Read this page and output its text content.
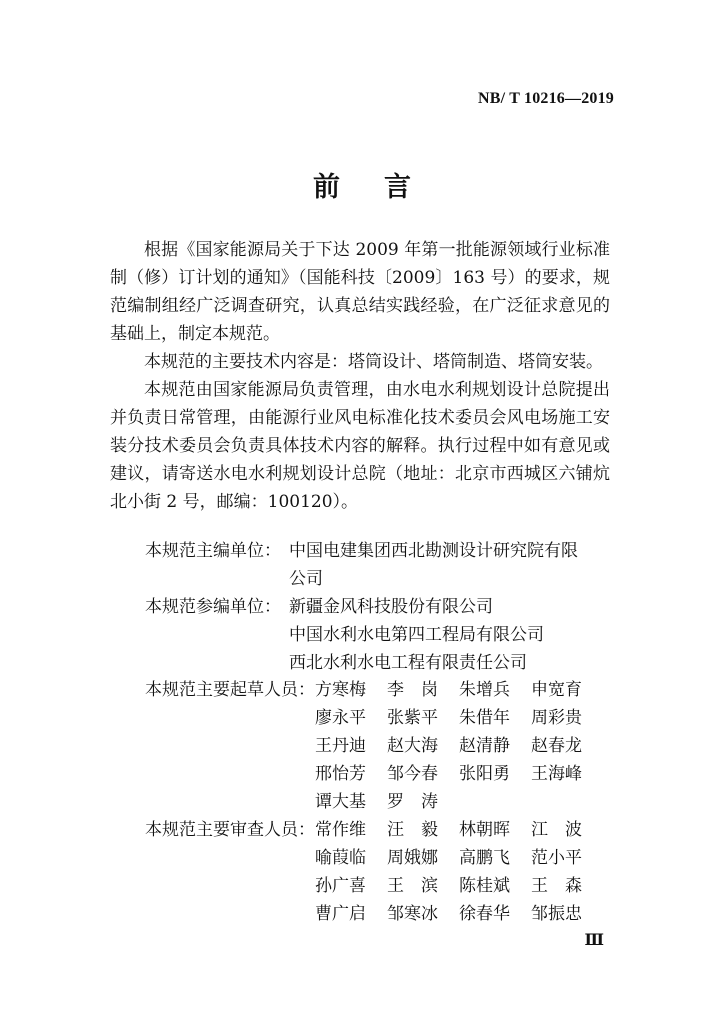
NB/ T 10216—2019
前言

根据《国家能源局关于下达 2009 年第一批能源领域行业标准制（修）订计划的通知》（国能科技〔2009〕163 号）的要求，规范编制组经广泛调查研究，认真总结实践经验，在广泛征求意见的基础上，制定本规范。

本规范的主要技术内容是：塔筒设计、塔筒制造、塔筒安装。

本规范由国家能源局负责管理，由水电水利规划设计总院提出并负责日常管理，由能源行业风电标准化技术委员会风电场施工安装分技术委员会负责具体技术内容的解释。执行过程中如有意见或建议，请寄送水电水利规划设计总院（地址：北京市西城区六铺炕北小街 2 号，邮编：100120）。

本规范主编单位： 中国电建集团西北勘测设计研究院有限
公司
本规范参编单位： 新疆金风科技股份有限公司
中国水利水电第四工程局有限公司
西北水利水电工程有限责任公司
本规范主要起草人员： 方寒梅	李　岗	朱增兵	申宽育
廖永平	张紫平	朱借年	周彩贵
王丹迪	赵大海	赵清静	赵春龙
邢怡芳	邹今春	张阳勇	王海峰
谭大基	罗　涛
本规范主要审查人员： 常作维	汪　毅	林朝晖	江　波
喻葭临	周娥娜	高鹏飞	范小平
孙广喜	王　滨	陈桂斌	王　森
曹广启	邹寒冰	徐春华	邹振忠
Ⅲ
